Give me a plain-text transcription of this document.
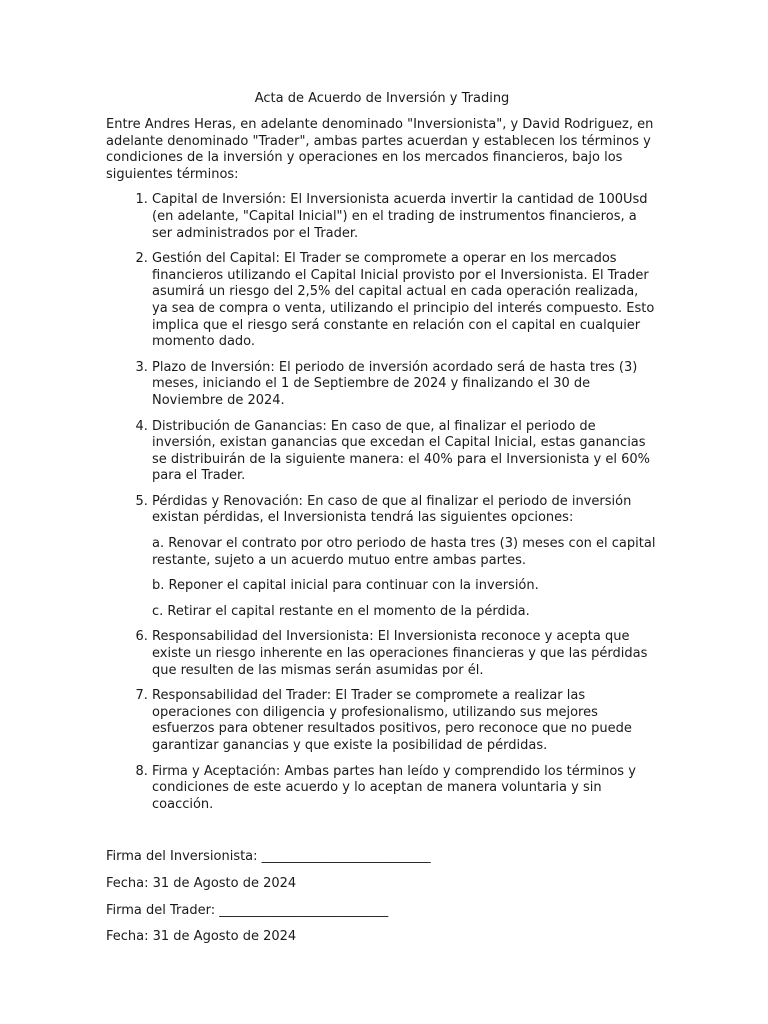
Acta de Acuerdo de Inversión y Trading

Entre Andres Heras, en adelante denominado "Inversionista", y David Rodriguez, en adelante denominado "Trader", ambas partes acuerdan y establecen los términos y condiciones de la inversión y operaciones en los mercados financieros, bajo los siguientes términos:

1. Capital de Inversión: El Inversionista acuerda invertir la cantidad de 100Usd (en adelante, "Capital Inicial") en el trading de instrumentos financieros, a ser administrados por el Trader.
2. Gestión del Capital: El Trader se compromete a operar en los mercados financieros utilizando el Capital Inicial provisto por el Inversionista. El Trader asumirá un riesgo del 2,5% del capital actual en cada operación realizada, ya sea de compra o venta, utilizando el principio del interés compuesto. Esto implica que el riesgo será constante en relación con el capital en cualquier momento dado.
3. Plazo de Inversión: El periodo de inversión acordado será de hasta tres (3) meses, iniciando el 1 de Septiembre de 2024 y finalizando el 30 de Noviembre de 2024.
4. Distribución de Ganancias: En caso de que, al finalizar el periodo de inversión, existan ganancias que excedan el Capital Inicial, estas ganancias se distribuirán de la siguiente manera: el 40% para el Inversionista y el 60% para el Trader.
5. Pérdidas y Renovación: En caso de que al finalizar el periodo de inversión existan pérdidas, el Inversionista tendrá las siguientes opciones:

a. Renovar el contrato por otro periodo de hasta tres (3) meses con el capital restante, sujeto a un acuerdo mutuo entre ambas partes.

b. Reponer el capital inicial para continuar con la inversión.

c. Retirar el capital restante en el momento de la pérdida.

6. Responsabilidad del Inversionista: El Inversionista reconoce y acepta que existe un riesgo inherente en las operaciones financieras y que las pérdidas que resulten de las mismas serán asumidas por él.
7. Responsabilidad del Trader: El Trader se compromete a realizar las operaciones con diligencia y profesionalismo, utilizando sus mejores esfuerzos para obtener resultados positivos, pero reconoce que no puede garantizar ganancias y que existe la posibilidad de pérdidas.
8. Firma y Aceptación: Ambas partes han leído y comprendido los términos y condiciones de este acuerdo y lo aceptan de manera voluntaria y sin coacción.

Firma del Inversionista: __________________________

Fecha: 31 de Agosto de 2024

Firma del Trader: __________________________

Fecha: 31 de Agosto de 2024
